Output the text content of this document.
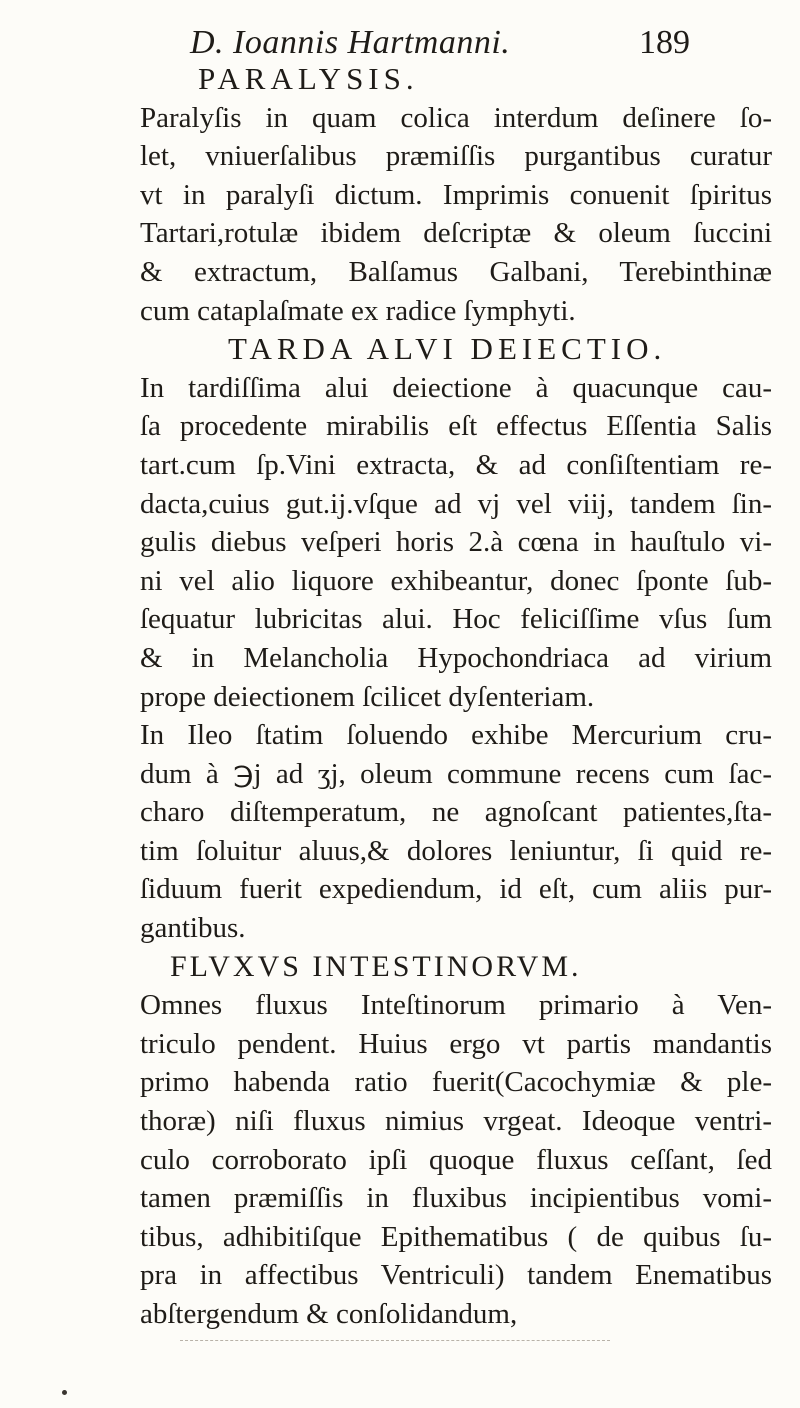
D. Ioannis Hartmanni.	189
PARALYSIS.
Paralyſis in quam colica interdum deſinere ſo-
let, vniuerſalibus præmiſſis purgantibus curatur
vt in paralyſi dictum. Imprimis conuenit ſpiritus
Tartari,rotulæ ibidem deſcriptæ & oleum ſuccini
& extractum, Balſamus Galbani, Terebinthinæ
cum cataplaſmate ex radice ſymphyti.
TARDA ALVI DEIECTIO.
In tardiſſima alui deiectione à quacunque cau-
ſa procedente mirabilis eſt effectus Eſſentia Salis
tart.cum ſp.Vini extracta, & ad conſiſtentiam re-
dacta,cuius gut.ij.vſque ad vj vel viij, tandem ſin-
gulis diebus veſperi horis 2.à cœna in hauſtulo vi-
ni vel alio liquore exhibeantur, donec ſponte ſub-
ſequatur lubricitas alui. Hoc feliciſſime vſus ſum
& in Melancholia Hypochondriaca ad virium
prope deiectionem ſcilicet dyſenteriam.
In Ileo ſtatim ſoluendo exhibe Mercurium cru-
dum à ℈j ad ʒj, oleum commune recens cum ſac-
charo diſtemperatum, ne agnoſcant patientes,ſta-
tim ſoluitur aluus,& dolores leniuntur, ſi quid re-
ſiduum fuerit expediendum, id eſt, cum aliis pur-
gantibus.
FLVXVS INTESTINORVM.
Omnes fluxus Inteſtinorum primario à Ven-
triculo pendent. Huius ergo vt partis mandantis
primo habenda ratio fuerit(Cacochymiæ & ple-
thoræ) niſi fluxus nimius vrgeat. Ideoque ventri-
culo corroborato ipſi quoque fluxus ceſſant, ſed
tamen præmiſſis in fluxibus incipientibus vomi-
tibus, adhibitiſque Epithematibus ( de quibus ſu-
pra in affectibus Ventriculi) tandem Enematibus
abſtergendum & conſolidandum,
